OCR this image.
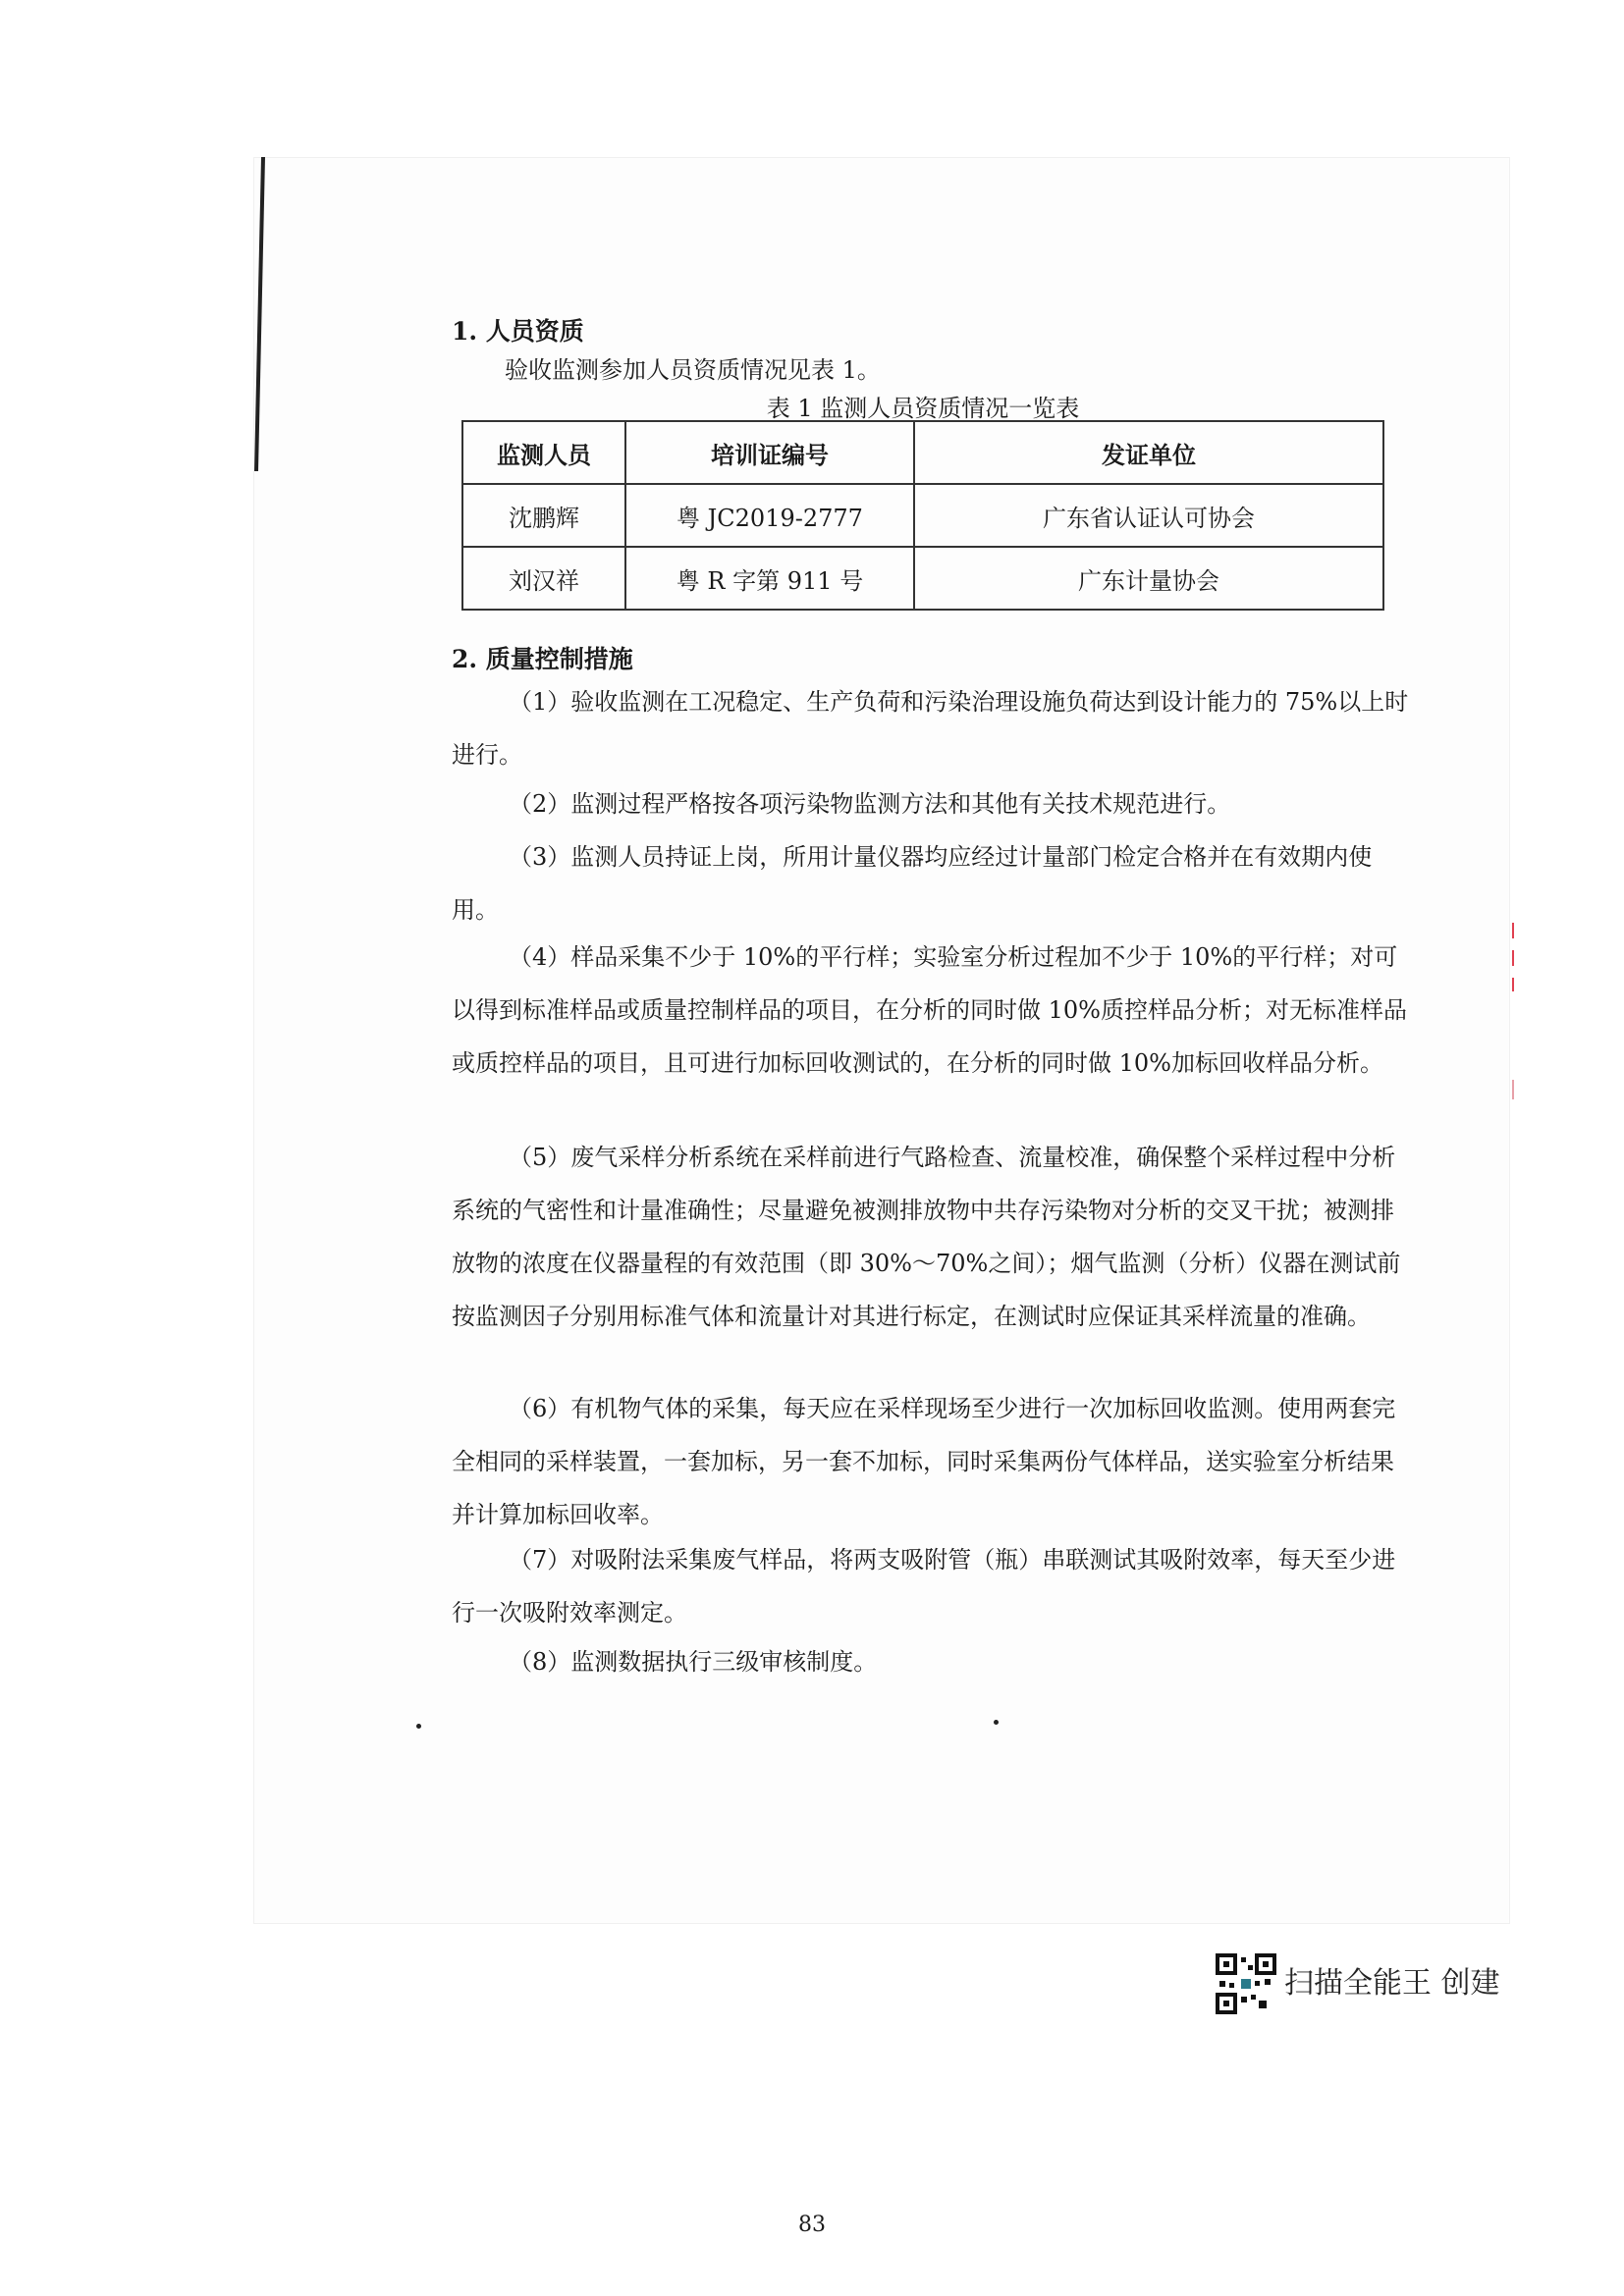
1. 人员资质
验收监测参加人员资质情况见表 1。
表 1 监测人员资质情况一览表
监测人员	培训证编号	发证单位
沈鹏辉	粤 JC2019-2777	广东省认证认可协会
刘汉祥	粤 R 字第 911 号	广东计量协会
2. 质量控制措施
（1）验收监测在工况稳定、生产负荷和污染治理设施负荷达到设计能力的 75%以上时进行。
（2）监测过程严格按各项污染物监测方法和其他有关技术规范进行。
（3）监测人员持证上岗，所用计量仪器均应经过计量部门检定合格并在有效期内使用。
（4）样品采集不少于 10%的平行样；实验室分析过程加不少于 10%的平行样；对可以得到标准样品或质量控制样品的项目，在分析的同时做 10%质控样品分析；对无标准样品或质控样品的项目，且可进行加标回收测试的，在分析的同时做 10%加标回收样品分析。
（5）废气采样分析系统在采样前进行气路检查、流量校准，确保整个采样过程中分析系统的气密性和计量准确性；尽量避免被测排放物中共存污染物对分析的交叉干扰；被测排放物的浓度在仪器量程的有效范围（即 30%～70%之间）；烟气监测（分析）仪器在测试前按监测因子分别用标准气体和流量计对其进行标定，在测试时应保证其采样流量的准确。
（6）有机物气体的采集，每天应在采样现场至少进行一次加标回收监测。使用两套完全相同的采样装置，一套加标，另一套不加标，同时采集两份气体样品，送实验室分析结果并计算加标回收率。
（7）对吸附法采集废气样品，将两支吸附管（瓶）串联测试其吸附效率，每天至少进行一次吸附效率测定。
（8）监测数据执行三级审核制度。
扫描全能王 创建
83
